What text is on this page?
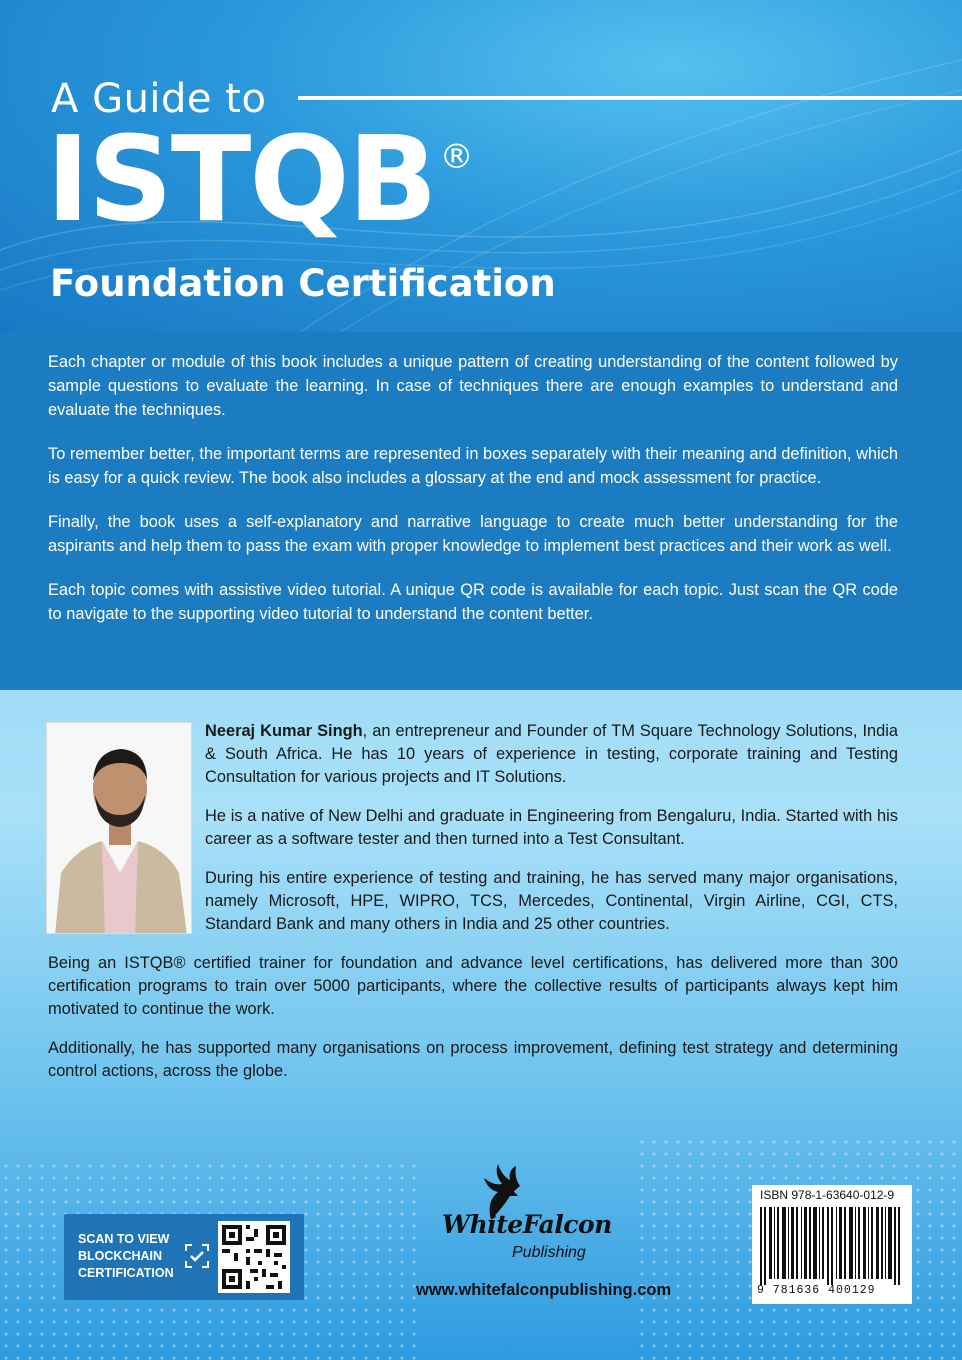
A Guide to
ISTQB ®
Foundation Certification

Each chapter or module of this book includes a unique pattern of creating understanding of the content followed by sample questions to evaluate the learning. In case of techniques there are enough examples to understand and evaluate the techniques.

To remember better, the important terms are represented in boxes separately with their meaning and definition, which is easy for a quick review. The book also includes a glossary at the end and mock assessment for practice.

Finally, the book uses a self-explanatory and narrative language to create much better understanding for the aspirants and help them to pass the exam with proper knowledge to implement best practices and their work as well.

Each topic comes with assistive video tutorial. A unique QR code is available for each topic. Just scan the QR code to navigate to the supporting video tutorial to understand the content better.

Neeraj Kumar Singh, an entrepreneur and Founder of TM Square Technology Solutions, India & South Africa. He has 10 years of experience in testing, corporate training and Testing Consultation for various projects and IT Solutions.

He is a native of New Delhi and graduate in Engineering from Bengaluru, India. Started with his career as a software tester and then turned into a Test Consultant.

During his entire experience of testing and training, he has served many major organisations, namely Microsoft, HPE, WIPRO, TCS, Mercedes, Continental, Virgin Airline, CGI, CTS, Standard Bank and many others in India and 25 other countries.

Being an ISTQB® certified trainer for foundation and advance level certifications, has delivered more than 300 certification programs to train over 5000 participants, where the collective results of participants always kept him motivated to continue the work.

Additionally, he has supported many organisations on process improvement, defining test strategy and determining control actions, across the globe.

SCAN TO VIEW
BLOCKCHAIN
CERTIFICATION
WhiteFalcon
Publishing
www.whitefalconpublishing.com
ISBN 978-1-63640-012-9
9 781636 400129
